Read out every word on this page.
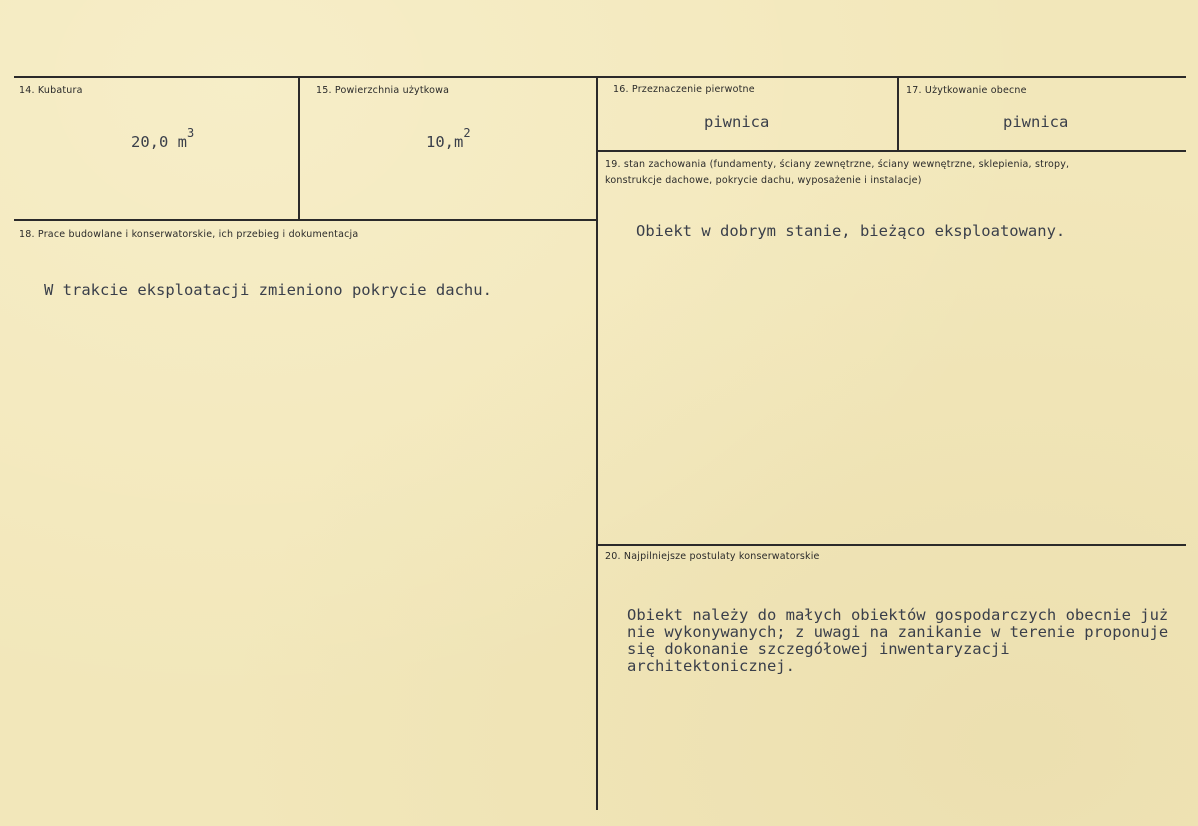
14. Kubatura
20,0 $m^3$
15. Powierzchnia użytkowa
$10,m^2$
16. Przeznaczenie pierwotne
piwnica
17. Użytkowanie obecne
piwnica
18. Prace budowlane i konserwatorskie, ich przebieg i dokumentacja
W trakcie eksploatacji zmieniono pokrycie dachu.
19. stan zachowania (fundamenty, ściany zewnętrzne, ściany wewnętrzne, sklepienia, stropy, konstrukcje dachowe, pokrycie dachu, wyposażenie i instalacje)
Obiekt w dobrym stanie, bieżąco eksploatowany.
20. Najpilniejsze postulaty konserwatorskie
Obiekt należy do małych obiektów gospodarczych obecnie już nie wykonywanych; z uwagi na zanikanie w terenie proponuje się dokonanie szczegółowej inwentaryzacji architektonicznej.
